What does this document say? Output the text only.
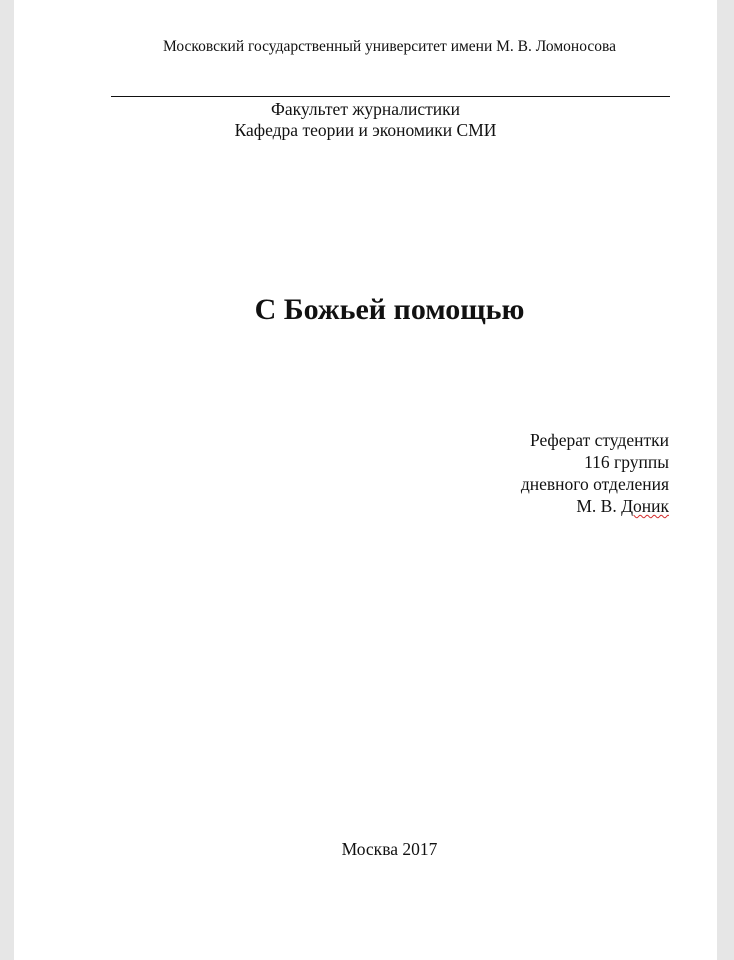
Московский государственный университет имени М. В. Ломоносова
Факультет журналистики
Кафедра теории и экономики СМИ
С Божьей помощью
Реферат студентки
116 группы
дневного отделения
М. В. Доник
Москва 2017
